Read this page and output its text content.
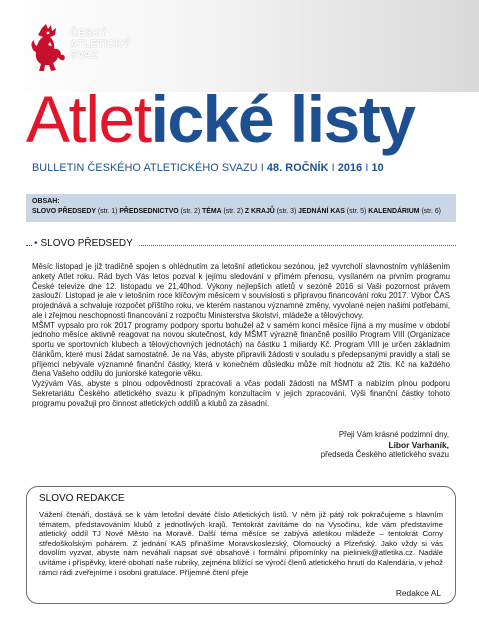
ČESKÝ
ATLETICKÝ
SVAZ
Atletické listy
BULLETIN ČESKÉHO ATLETICKÉHO SVAZU I 48. ROČNÍK I 2016 I 10
OBSAH:
SLOVO PŘEDSEDY (str. 1) PŘEDSEDNICTVO (str. 2) TÉMA (str. 2) Z KRAJŮ (str. 3) JEDNÁNÍ KAS (str. 5) KALENDÁRIUM (str. 6)
• SLOVO PŘEDSEDY

Měsíc listopad je již tradičně spojen s ohlédnutím za letošní atletickou sezónou, jež vyvrcholí slavnostním vyhlášením ankety Atlet roku. Rád bych Vás letos pozval k jejímu sledování v přímém přenosu, vysílaném na prvním programu České televize dne 12. listopadu ve 21,40hod. Výkony nejlepších atletů v sezóně 2016 si Vaši pozornost právem zaslouží. Listopad je ale v letošním roce klíčovým měsícem v souvislosti s připravou financování roku 2017. Výbor ČAS projednává a schvaluje rozpočet příštího roku, ve kterém nastanou významné změny, vyvolané nejen našimi potřebami, ale i zřejmou neschopností financování z rozpočtu Ministerstva školství, mládeže a tělovýchovy.

MŠMT vypsalo pro rok 2017 programy podpory sportu bohužel až v samém konci měsíce října a my musíme v období jednoho měsíce aktivně reagovat na novou skutečnost, kdy MŠMT výrazně finančně posílilo Program VIII (Organizace sportu ve sportovních klubech a tělovýchovných jednotách) na částku 1 miliardy Kč. Program VIII je určen základním článkům, které musí žádat samostatně. Je na Vás, abyste připravili žádosti v souladu s předepsanými pravidly a stali se příjemci nebývale významné finanční částky, která v konečném důsledku může mít hodnotu až 2tis. Kč na každého člena Vašeho oddílu do juniorské kategorie věku.

Vyzývám Vás, abyste s plnou odpovědností zpracovali a včas podali žádosti na MŠMT a nabízím plnou podporu Sekretariátu Českého atletického svazu k případným konzultacím v jejich zpracování. Výši finanční částky tohoto programu považuji pro činnost atletických oddílů a klubů za zásadní.

Přeji Vám krásné podzimní dny,
Libor Varhaník,
předseda Českého atletického svazu
SLOVO REDAKCE
Vážení čtenáři, dostává se k vám letošní deváté číslo Atletických listů. V něm již pátý rok pokračujeme s hlavním tématem, představováním klubů z jednotlivých krajů. Tentokrát zavítáme do na Vysočinu, kde vám představíme atletický oddíl TJ Nové Město na Moravě. Další téma měsíce se zabývá atletikou mládeže – tentokrát Corny středoškolským pohárem. Z jednání KAS přinášíme Moravskoslezský, Olomoucký a Plzeňský. Jako vždy si vás dovolím vyzvat, abyste nám neváhali napsat své obsahové i formální připomínky na pieliniek@atletika.cz. Nadále uvítáme i příspěvky, které obohatí naše rubriky, zejména blížící se výročí členů atletického hnutí do Kalendária, v jehož rámci rádi zveřejníme i osobní gratulace. Příjemné čtení přeje
Redakce AL
